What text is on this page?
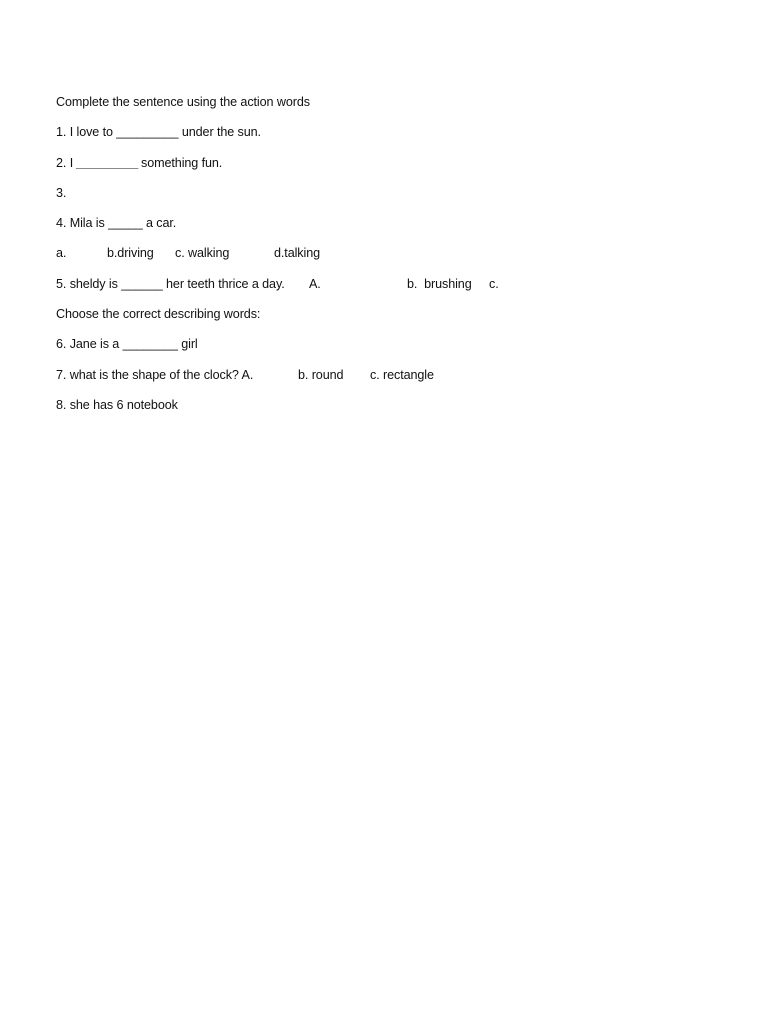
Complete the sentence using the action words
1. I love to _________ under the sun.

2. I

_________

something fun.

3.
4. Mila is _____ a car.

a.

	b.driving

c. walking

	d.talking

5. sheldy is ______ her teeth thrice a day.

A.

	b.  brushing

c.

Choose the correct describing words:
6. Jane is a ________ girl

7. what is the shape of the clock? A.

	b. round

c. rectangle

8. she has 6 notebook
